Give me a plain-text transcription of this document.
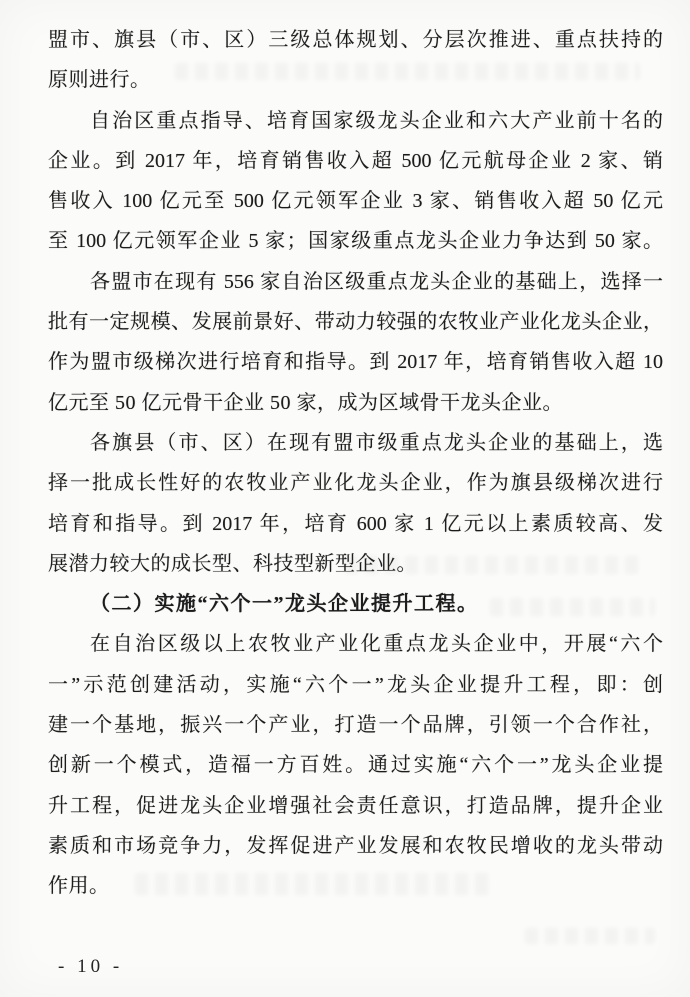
盟市、旗县（市、区）三级总体规划、分层次推进、重点扶持的
原则进行。
自治区重点指导、培育国家级龙头企业和六大产业前十名的
企业。到 2017 年，培育销售收入超 500 亿元航母企业 2 家、销
售收入 100 亿元至 500 亿元领军企业 3 家、销售收入超 50 亿元
至 100 亿元领军企业 5 家；国家级重点龙头企业力争达到 50 家。
各盟市在现有 556 家自治区级重点龙头企业的基础上，选择一
批有一定规模、发展前景好、带动力较强的农牧业产业化龙头企业，
作为盟市级梯次进行培育和指导。到 2017 年，培育销售收入超 10
亿元至 50 亿元骨干企业 50 家，成为区域骨干龙头企业。
各旗县（市、区）在现有盟市级重点龙头企业的基础上，选
择一批成长性好的农牧业产业化龙头企业，作为旗县级梯次进行
培育和指导。到 2017 年，培育 600 家 1 亿元以上素质较高、发
展潜力较大的成长型、科技型新型企业。
（二）实施“六个一”龙头企业提升工程。
在自治区级以上农牧业产业化重点龙头企业中，开展“六个
一”示范创建活动，实施“六个一”龙头企业提升工程，即：创
建一个基地，振兴一个产业，打造一个品牌，引领一个合作社，
创新一个模式，造福一方百姓。通过实施“六个一”龙头企业提
升工程，促进龙头企业增强社会责任意识，打造品牌，提升企业
素质和市场竞争力，发挥促进产业发展和农牧民增收的龙头带动
作用。
- 10 -
